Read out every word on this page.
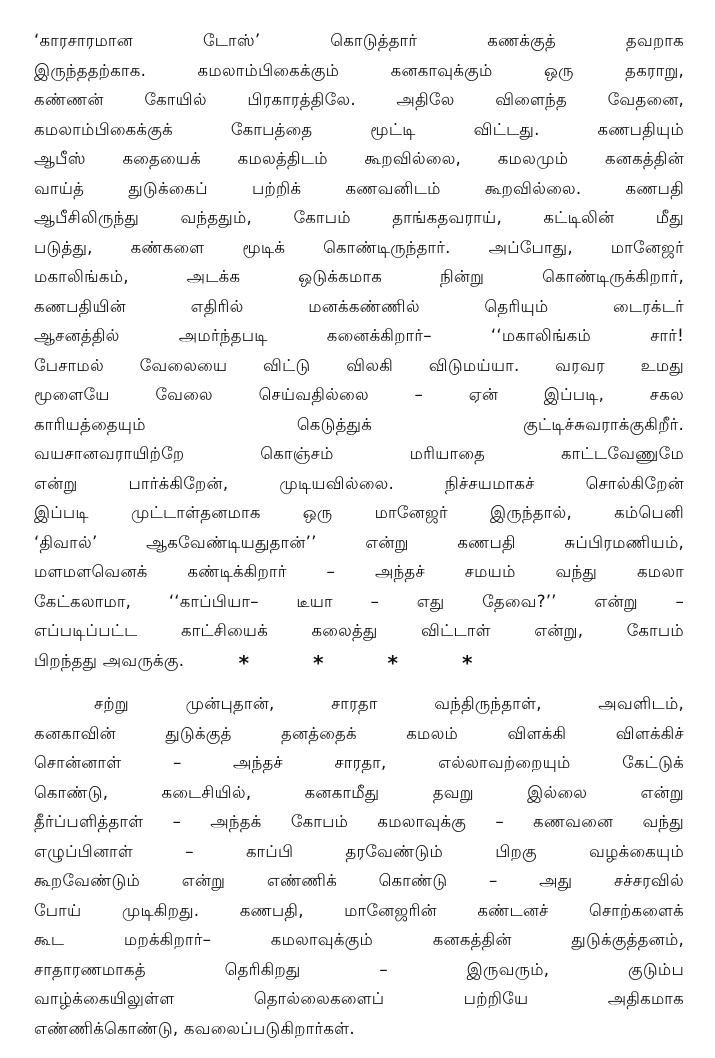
‘காரசாரமான டோஸ்’ கொடுத்தார் கணக்குத் தவறாக
இருந்ததற்காக. கமலாம்பிகைக்கும் கனகாவுக்கும் ஒரு தகராறு,
கண்ணன் கோயில் பிரகாரத்திலே. அதிலே விளைந்த வேதனை,
கமலாம்பிகைக்குக் கோபத்தை மூட்டி விட்டது. கணபதியும்
ஆபீஸ் கதையைக் கமலத்திடம் கூறவில்லை, கமலமும் கனகத்தின்
வாய்த் துடுக்கைப் பற்றிக் கணவனிடம் கூறவில்லை. கணபதி
ஆபீசிலிருந்து வந்ததும், கோபம் தாங்கதவராய், கட்டிலின் மீது
படுத்து, கண்களை மூடிக் கொண்டிருந்தார். அப்போது, மானேஜர்
மகாலிங்கம், அடக்க ஒடுக்கமாக நின்று கொண்டிருக்கிறார்,
கணபதியின் எதிரில் மனக்கண்ணில் தெரியும் டைரக்டர்
ஆசனத்தில் அமர்ந்தபடி கனைக்கிறார்– ‘‘மகாலிங்கம் சார்!
பேசாமல் வேலையை விட்டு விலகி விடுமய்யா. வரவர உமது
மூளையே வேலை செய்வதில்லை – ஏன் இப்படி, சகல
காரியத்தையும் கெடுத்துக் குட்டிச்சுவராக்குகிறீர்.
வயசானவராயிற்றே கொஞ்சம் மரியாதை காட்டவேணுமே
என்று பார்க்கிறேன், முடியவில்லை. நிச்சயமாகச் சொல்கிறேன்
இப்படி முட்டாள்தனமாக ஒரு மானேஜர் இருந்தால், கம்பெனி
‘திவால்’ ஆகவேண்டியதுதான்’’ என்று கணபதி சுப்பிரமணியம்,
மளமளவெனக் கண்டிக்கிறார் – அந்தச் சமயம் வந்து கமலா
கேட்கலாமா, ‘‘காப்பியா– டீயா – எது தேவை?’’ என்று –
எப்படிப்பட்ட காட்சியைக் கலைத்து விட்டாள் என்று, கோபம்
பிறந்தது அவருக்கு.	*	*	*	*
சற்று முன்புதான், சாரதா வந்திருந்தாள், அவளிடம்,
கனகாவின் துடுக்குத் தனத்தைக் கமலம் விளக்கி விளக்கிச்
சொன்னாள் – அந்தச் சாரதா, எல்லாவற்றையும் கேட்டுக்
கொண்டு, கடைசியில், கனகாமீது தவறு இல்லை என்று
தீர்ப்பளித்தாள் – அந்தக் கோபம் கமலாவுக்கு – கணவனை வந்து
எழுப்பினாள் – காப்பி தரவேண்டும் பிறகு வழக்கையும்
கூறவேண்டும் என்று எண்ணிக் கொண்டு – அது சச்சரவில்
போய் முடிகிறது. கணபதி, மானேஜரின் கண்டனச் சொற்களைக்
கூட மறக்கிறார்– கமலாவுக்கும் கனகத்தின் துடுக்குத்தனம்,
சாதாரணமாகத் தெரிகிறது – இருவரும், குடும்ப
வாழ்க்கையிலுள்ள தொல்லைகளைப் பற்றியே அதிகமாக
எண்ணிக்கொண்டு, கவலைப்படுகிறார்கள்.
